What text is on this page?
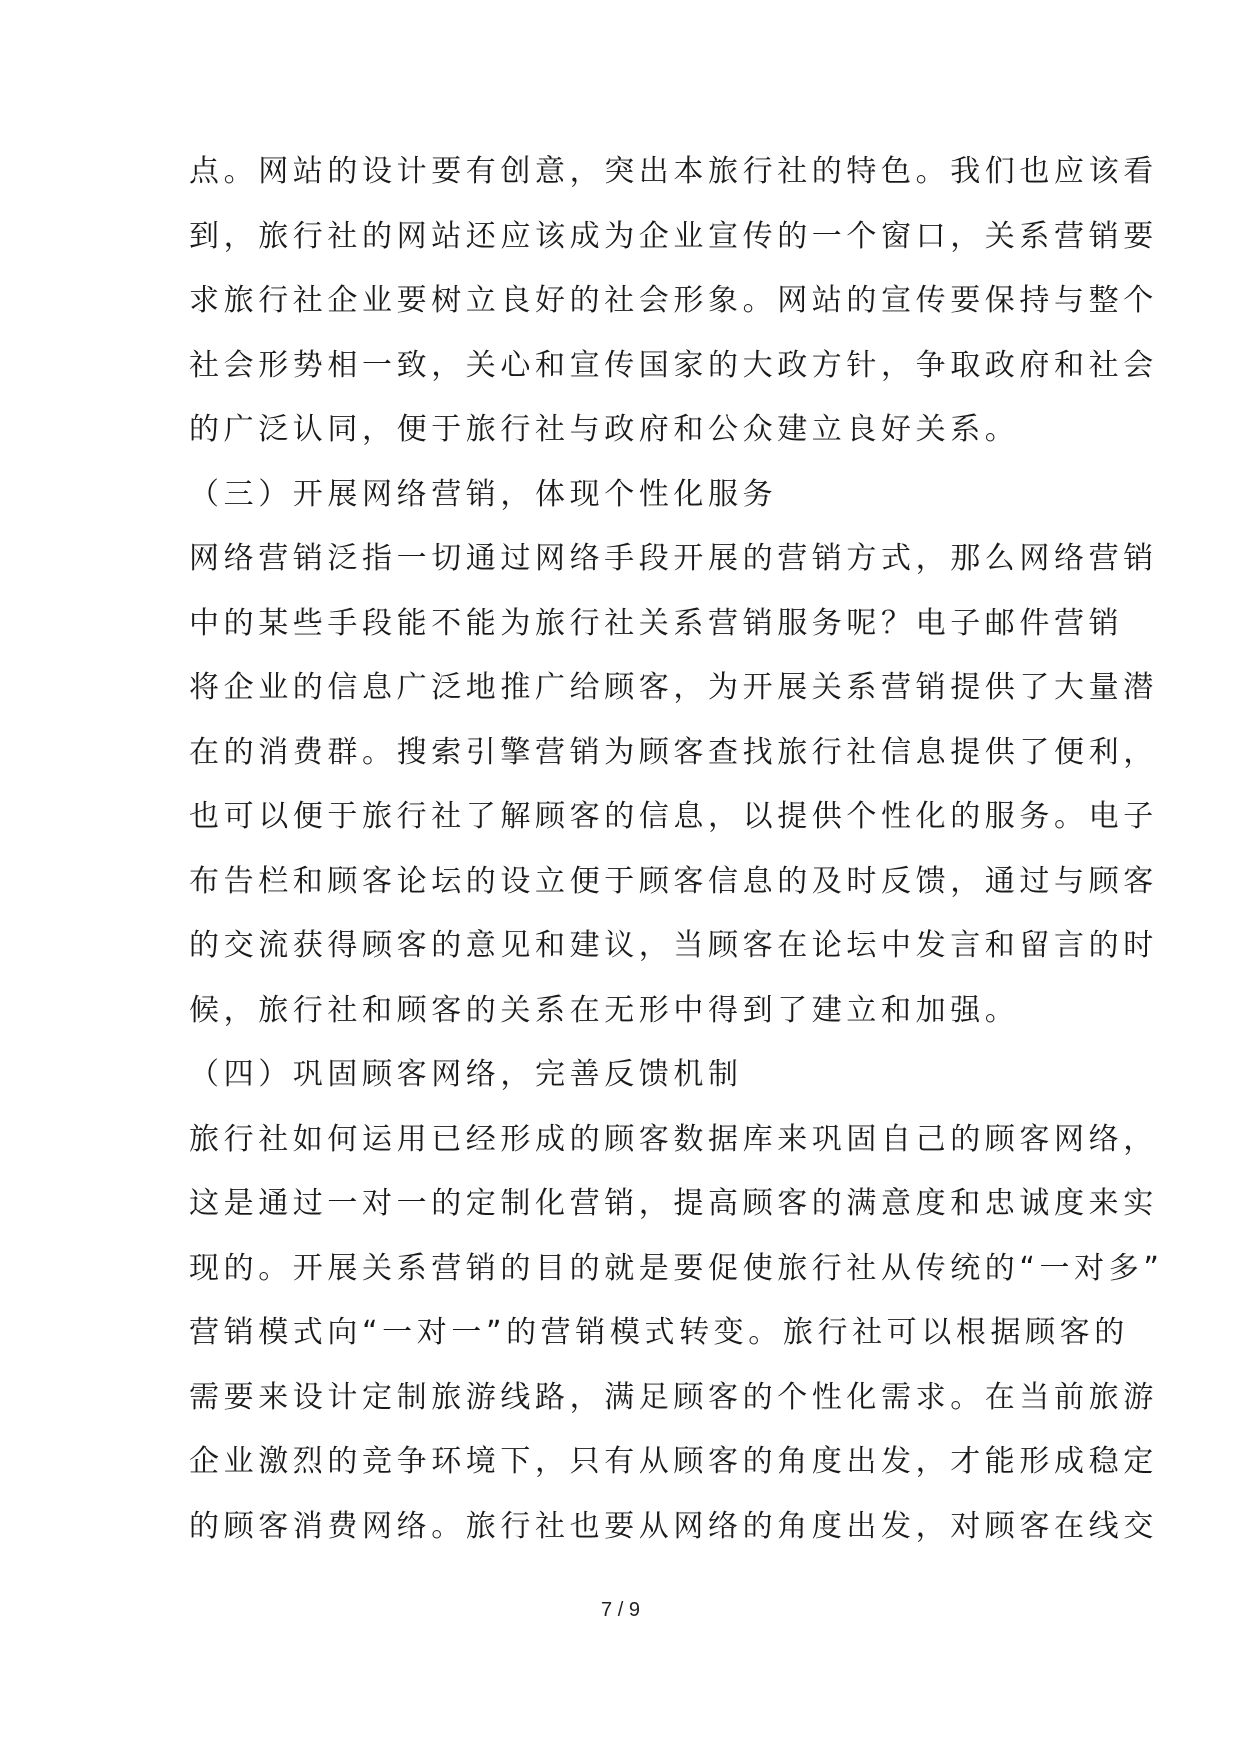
点。网站的设计要有创意，突出本旅行社的特色。我们也应该看
到，旅行社的网站还应该成为企业宣传的一个窗口，关系营销要
求旅行社企业要树立良好的社会形象。网站的宣传要保持与整个
社会形势相一致，关心和宣传国家的大政方针，争取政府和社会
的广泛认同，便于旅行社与政府和公众建立良好关系。
（三）开展网络营销，体现个性化服务
网络营销泛指一切通过网络手段开展的营销方式，那么网络营销
中的某些手段能不能为旅行社关系营销服务呢？电子邮件营销
将企业的信息广泛地推广给顾客，为开展关系营销提供了大量潜
在的消费群。搜索引擎营销为顾客查找旅行社信息提供了便利，
也可以便于旅行社了解顾客的信息，以提供个性化的服务。电子
布告栏和顾客论坛的设立便于顾客信息的及时反馈，通过与顾客
的交流获得顾客的意见和建议，当顾客在论坛中发言和留言的时
候，旅行社和顾客的关系在无形中得到了建立和加强。
（四）巩固顾客网络，完善反馈机制
旅行社如何运用已经形成的顾客数据库来巩固自己的顾客网络，
这是通过一对一的定制化营销，提高顾客的满意度和忠诚度来实
现的。开展关系营销的目的就是要促使旅行社从传统的“一对多”
营销模式向“一对一”的营销模式转变。旅行社可以根据顾客的
需要来设计定制旅游线路，满足顾客的个性化需求。在当前旅游
企业激烈的竞争环境下，只有从顾客的角度出发，才能形成稳定
的顾客消费网络。旅行社也要从网络的角度出发，对顾客在线交
7 / 9
